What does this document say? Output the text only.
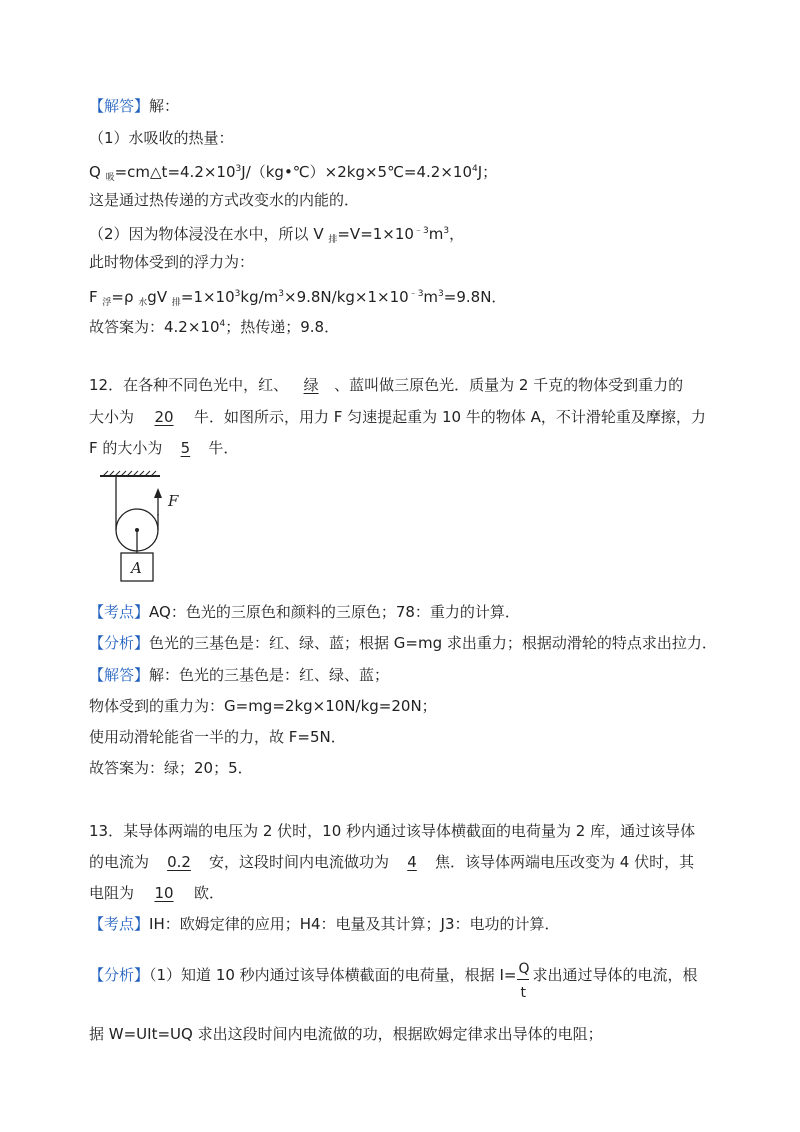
【解答】解：
（1）水吸收的热量：
Q $_吸=cm\triangle t=4.2\times 10^3J/(kg•℃)\times 2kg\times 5℃=4.2\times 10^4J$；
这是通过热传递的方式改变水的内能的．
（2）因为物体浸没在水中，所以 V $_排=V=1\times 10^{﹣3}m^3$，
此时物体受到的浮力为：
F $_浮$=ρ $_水$gV $_排=1\times 10^3kg/m^3\times 9.8N/kg\times 1\times 10^{﹣3}m^3=9.8N$．
故答案为：$4.2\times 10^4$；热传递；9.8．
12．在各种不同色光中，红、 绿 、蓝叫做三原色光．质量为 2 千克的物体受到重力的
大小为 20 牛．如图所示，用力 F 匀速提起重为 10 牛的物体 A，不计滑轮重及摩擦，力
F 的大小为 5 牛．
F
A
【考点】AQ：色光的三原色和颜料的三原色；78：重力的计算．
【分析】色光的三基色是：红、绿、蓝；根据 G=mg 求出重力；根据动滑轮的特点求出拉力．
【解答】解：色光的三基色是：红、绿、蓝；
物体受到的重力为：G=mg=2kg×10N/kg=20N；
使用动滑轮能省一半的力，故 F=5N．
故答案为：绿；20；5．
13．某导体两端的电压为 2 伏时，10 秒内通过该导体横截面的电荷量为 2 库，通过该导体
的电流为 0.2 安，这段时间内电流做功为 4 焦．该导体两端电压改变为 4 伏时，其
电阻为 10 欧．
【考点】IH：欧姆定律的应用；H4：电量及其计算；J3：电功的计算．
【分析】（1）知道 10 秒内通过该导体横截面的电荷量，根据 $I= \frac{Q}{t}$ 求出通过导体的电流，根
据 W=UIt=UQ 求出这段时间内电流做的功，根据欧姆定律求出导体的电阻；
